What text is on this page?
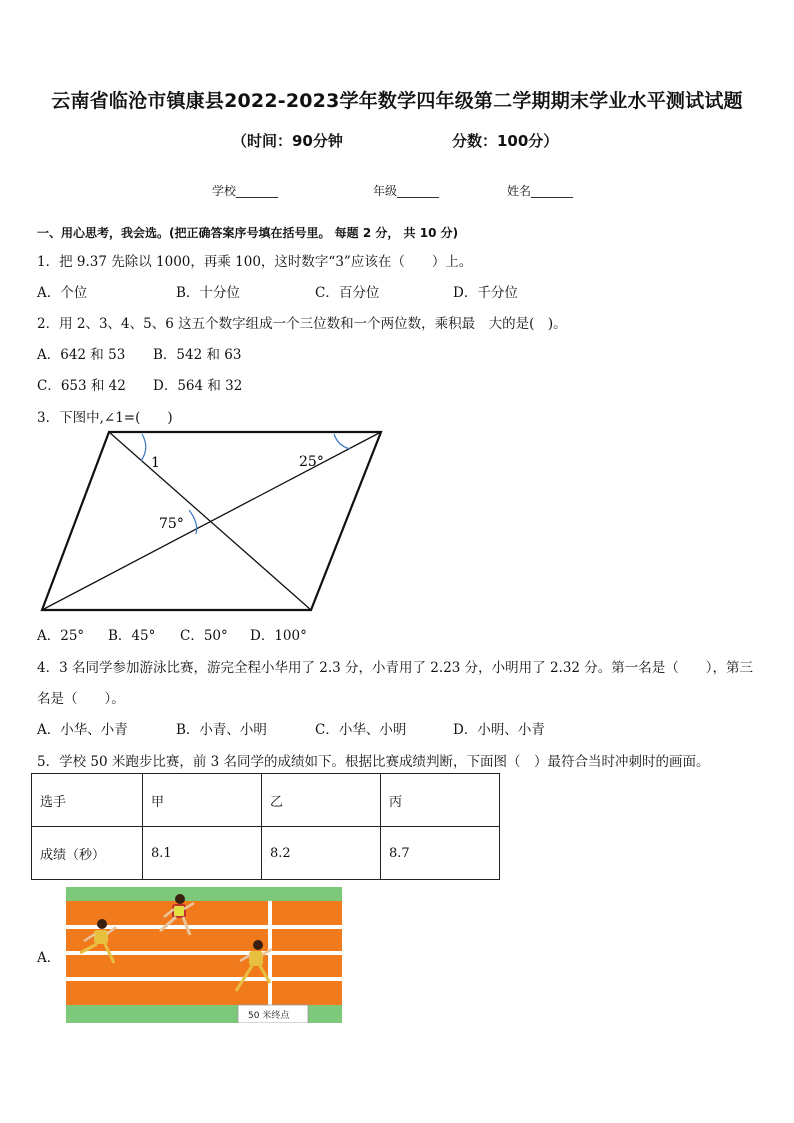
云南省临沧市镇康县2022-2023学年数学四年级第二学期期末学业水平测试试题
（时间：90分钟	分数：100分）
学校_______	年级_______	姓名_______
一、用心思考，我会选。(把正确答案序号填在括号里。 每题 2 分， 共 10 分)
1．把 9.37 先除以 1000，再乘 100，这时数字“3”应该在（　　）上。
A．个位	B．十分位	C．百分位	D．千分位
2．用 2、3、4、5、6 这五个数字组成一个三位数和一个两位数，乘积最　大的是(　)。
A．642 和 53 B．542 和 63
C．653 和 42 D．564 和 32
3．下图中,∠1=(　　)
1	25°
75°
A．25° B．45° C．50° D．100°
4．3 名同学参加游泳比赛，游完全程小华用了 2.3 分，小青用了 2.23 分，小明用了 2.32 分。第一名是（　　），第三
名是（　　）。
A．小华、小青	B．小青、小明	C．小华、小明	D．小明、小青
5．学校 50 米跑步比赛，前 3 名同学的成绩如下。根据比赛成绩判断，下面图（　）最符合当时冲刺时的画面。
选手	甲	乙	丙
成绩（秒）	8.1	8.2	8.7
A．
50 米终点
